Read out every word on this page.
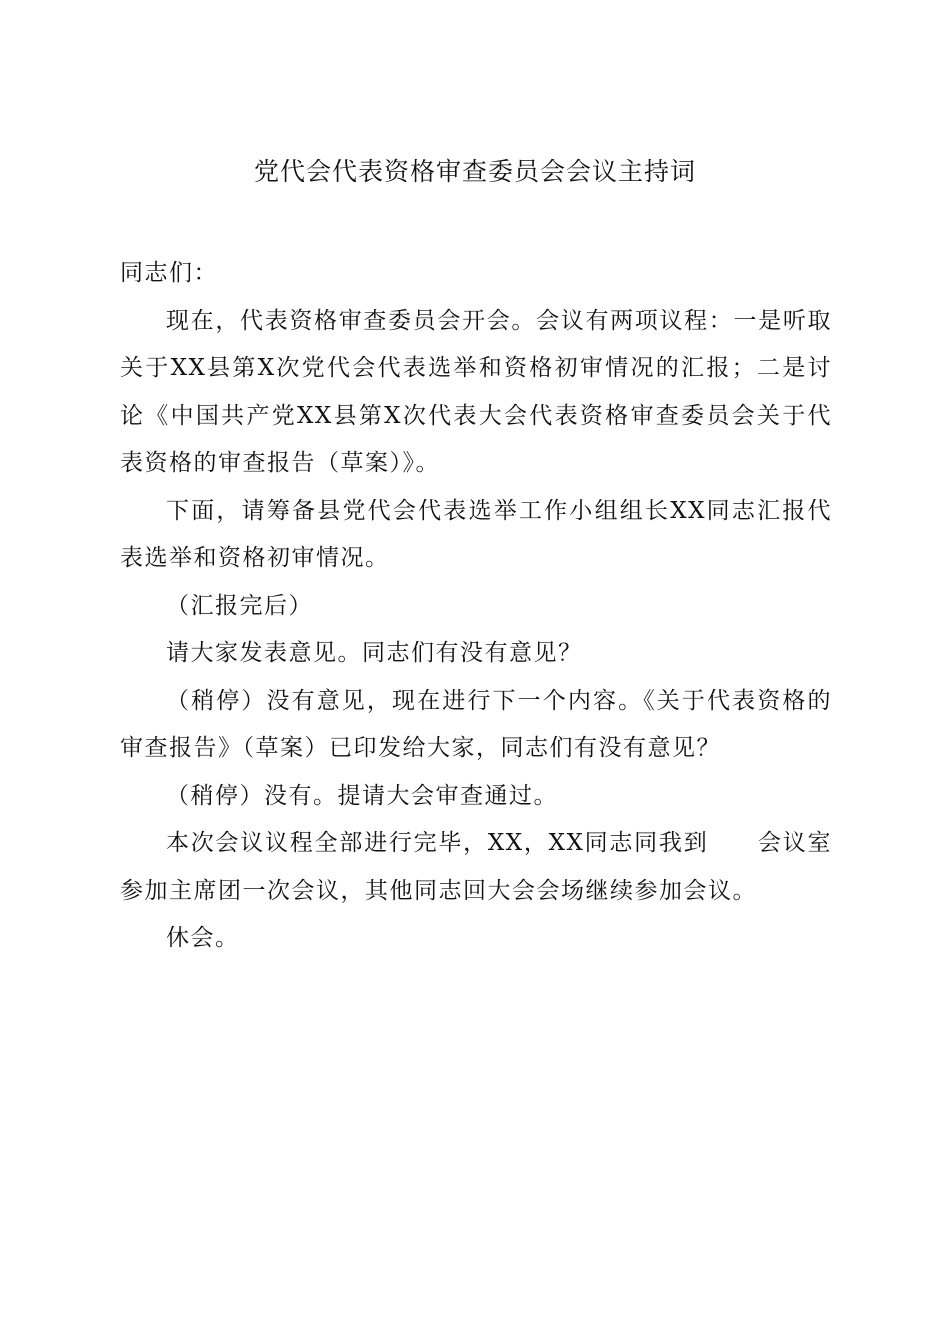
党代会代表资格审查委员会会议主持词

同志们：

现在，代表资格审查委员会开会。会议有两项议程：一是听取关于XX县第X次党代会代表选举和资格初审情况的汇报；二是讨论《中国共产党XX县第X次代表大会代表资格审查委员会关于代表资格的审查报告（草案）》。

下面，请筹备县党代会代表选举工作小组组长XX同志汇报代表选举和资格初审情况。

（汇报完后）

请大家发表意见。同志们有没有意见？

（稍停）没有意见，现在进行下一个内容。《关于代表资格的审查报告》（草案）已印发给大家，同志们有没有意见？

（稍停）没有。提请大会审查通过。

本次会议议程全部进行完毕，XX，XX同志同我到　　会议室参加主席团一次会议，其他同志回大会会场继续参加会议。

休会。
